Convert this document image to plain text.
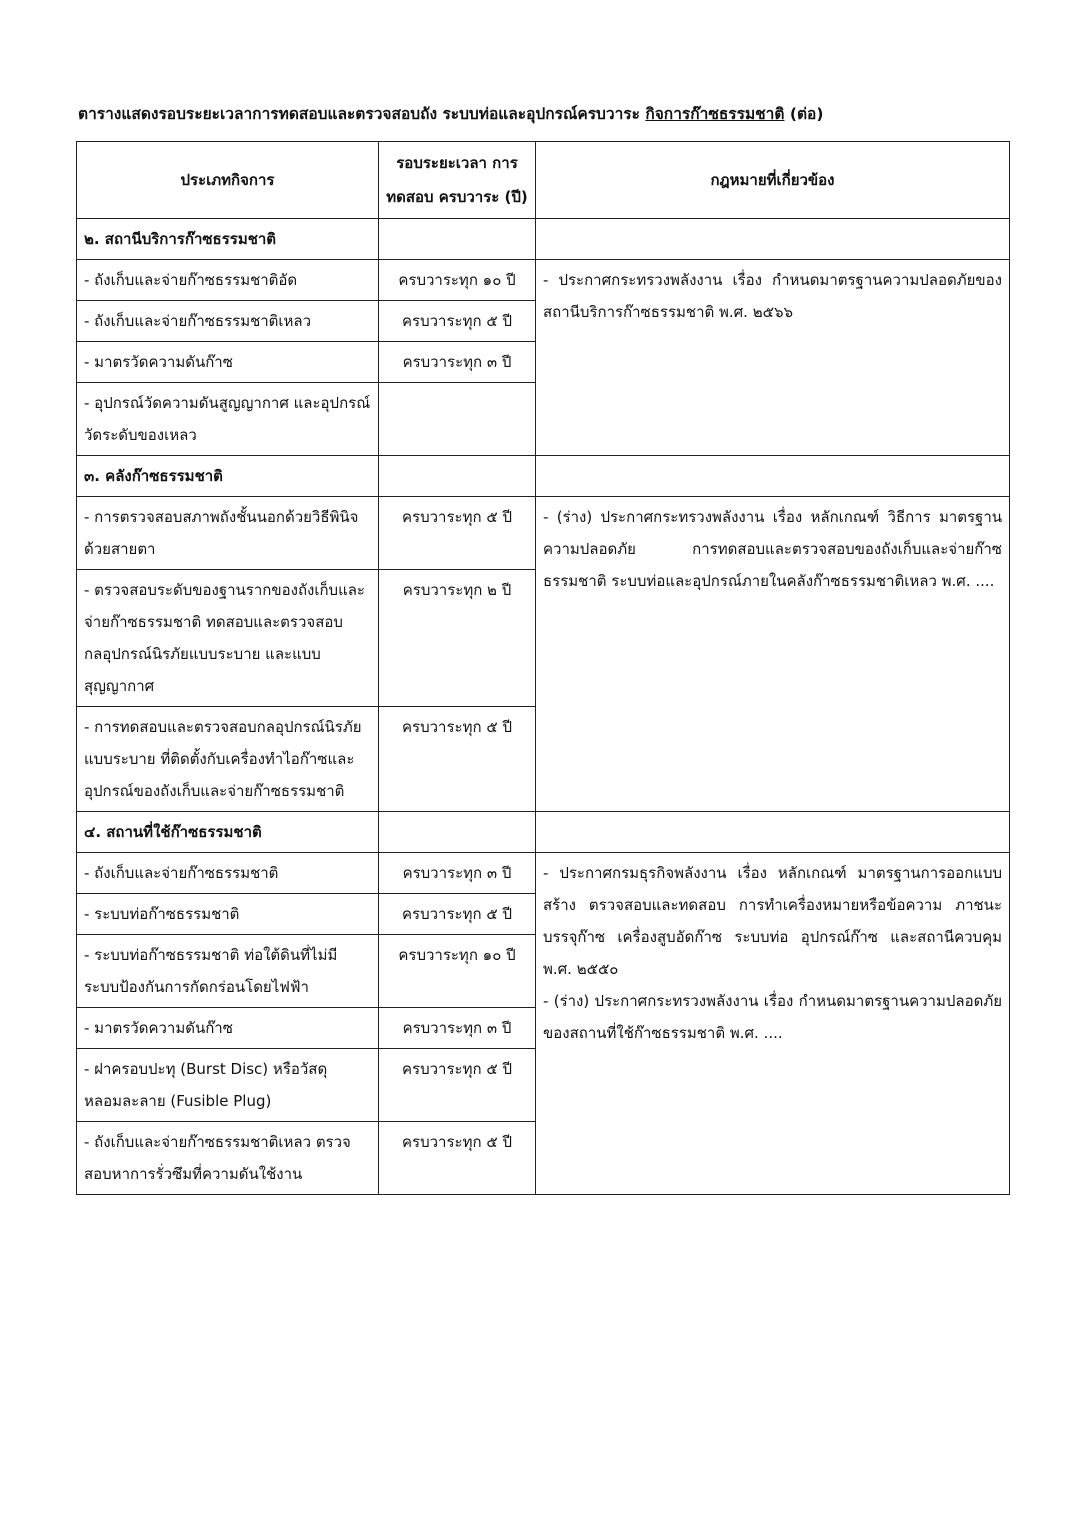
ตารางแสดงรอบระยะเวลาการทดสอบและตรวจสอบถัง ระบบท่อและอุปกรณ์ครบวาระ กิจการก๊าซธรรมชาติ (ต่อ)
ประเภทกิจการ	รอบระยะเวลา การทดสอบ ครบวาระ (ปี)	กฎหมายที่เกี่ยวข้อง
๒. สถานีบริการก๊าซธรรมชาติ		
- ถังเก็บและจ่ายก๊าซธรรมชาติอัด	ครบวาระทุก ๑๐ ปี	- ประกาศกระทรวงพลังงาน เรื่อง กำหนดมาตรฐานความปลอดภัยของสถานีบริการก๊าซธรรมชาติ พ.ศ. ๒๕๖๖

- ถังเก็บและจ่ายก๊าซธรรมชาติเหลว	ครบวาระทุก ๕ ปี	
- มาตรวัดความดันก๊าซ	ครบวาระทุก ๓ ปี	
- อุปกรณ์วัดความดันสูญญากาศ และอุปกรณ์วัดระดับของเหลว		
๓. คลังก๊าซธรรมชาติ		
- การตรวจสอบสภาพถังชั้นนอกด้วยวิธีพินิจด้วยสายตา	ครบวาระทุก ๕ ปี	- (ร่าง) ประกาศกระทรวงพลังงาน เรื่อง หลักเกณฑ์ วิธีการ มาตรฐานความปลอดภัย การทดสอบและตรวจสอบของถังเก็บและจ่ายก๊าซธรรมชาติ ระบบท่อและอุปกรณ์ภายในคลังก๊าซธรรมชาติเหลว พ.ศ. ....

- ตรวจสอบระดับของฐานรากของถังเก็บและจ่ายก๊าซธรรมชาติ ทดสอบและตรวจสอบกลอุปกรณ์นิรภัยแบบระบาย และแบบสุญญากาศ	ครบวาระทุก ๒ ปี	
- การทดสอบและตรวจสอบกลอุปกรณ์นิรภัยแบบระบาย ที่ติดตั้งกับเครื่องทำไอก๊าซและอุปกรณ์ของถังเก็บและจ่ายก๊าซธรรมชาติ	ครบวาระทุก ๕ ปี	
๔. สถานที่ใช้ก๊าซธรรมชาติ		
- ถังเก็บและจ่ายก๊าซธรรมชาติ	ครบวาระทุก ๓ ปี	- ประกาศกรมธุรกิจพลังงาน เรื่อง หลักเกณฑ์ มาตรฐานการออกแบบ สร้าง ตรวจสอบและทดสอบ การทำเครื่องหมายหรือข้อความ ภาชนะบรรจุก๊าซ เครื่องสูบอัดก๊าซ ระบบท่อ อุปกรณ์ก๊าซ และสถานีควบคุม พ.ศ. ๒๕๕๐

- (ร่าง) ประกาศกระทรวงพลังงาน เรื่อง กำหนดมาตรฐานความปลอดภัยของสถานที่ใช้ก๊าซธรรมชาติ พ.ศ. ....

- ระบบท่อก๊าซธรรมชาติ	ครบวาระทุก ๕ ปี	
- ระบบท่อก๊าซธรรมชาติ ท่อใต้ดินที่ไม่มีระบบป้องกันการกัดกร่อนโดยไฟฟ้า	ครบวาระทุก ๑๐ ปี	
- มาตรวัดความดันก๊าซ	ครบวาระทุก ๓ ปี	
- ฝาครอบปะทุ (Burst Disc) หรือวัสดุหลอมละลาย (Fusible Plug)	ครบวาระทุก ๕ ปี	
- ถังเก็บและจ่ายก๊าซธรรมชาติเหลว ตรวจสอบหาการรั่วซึมที่ความดันใช้งาน	ครบวาระทุก ๕ ปี	
